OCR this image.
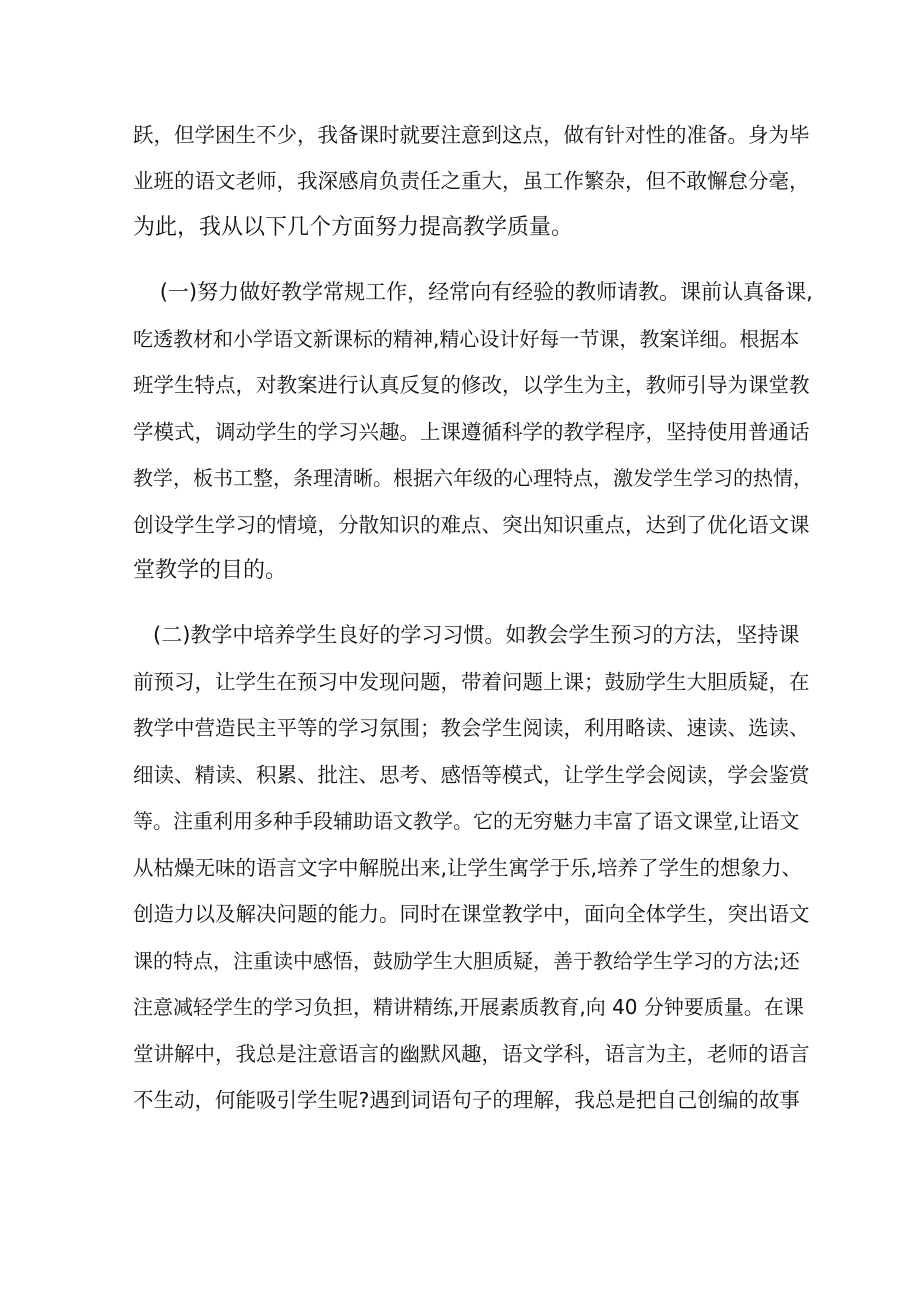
跃，但学困生不少，我备课时就要注意到这点，做有针对性的准备。身为毕
业班的语文老师，我深感肩负责任之重大，虽工作繁杂，但不敢懈怠分毫，
为此，我从以下几个方面努力提高教学质量。
(一)努力做好教学常规工作，经常向有经验的教师请教。课前认真备课,
吃透教材和小学语文新课标的精神,精心设计好每一节课，教案详细。根据本
班学生特点，对教案进行认真反复的修改，以学生为主，教师引导为课堂教
学模式，调动学生的学习兴趣。上课遵循科学的教学程序，坚持使用普通话
教学，板书工整，条理清晰。根据六年级的心理特点，激发学生学习的热情，
创设学生学习的情境，分散知识的难点、突出知识重点，达到了优化语文课
堂教学的目的。
(二)教学中培养学生良好的学习习惯。如教会学生预习的方法，坚持课
前预习，让学生在预习中发现问题，带着问题上课；鼓励学生大胆质疑，在
教学中营造民主平等的学习氛围；教会学生阅读，利用略读、速读、选读、
细读、精读、积累、批注、思考、感悟等模式，让学生学会阅读，学会鉴赏
等。注重利用多种手段辅助语文教学。它的无穷魅力丰富了语文课堂,让语文
从枯燥无味的语言文字中解脱出来,让学生寓学于乐,培养了学生的想象力、
创造力以及解决问题的能力。同时在课堂教学中，面向全体学生，突出语文
课的特点，注重读中感悟，鼓励学生大胆质疑，善于教给学生学习的方法;还
注意减轻学生的学习负担，精讲精练,开展素质教育,向 40 分钟要质量。在课
堂讲解中，我总是注意语言的幽默风趣，语文学科，语言为主，老师的语言
不生动，何能吸引学生呢?遇到词语句子的理解，我总是把自己创编的故事
